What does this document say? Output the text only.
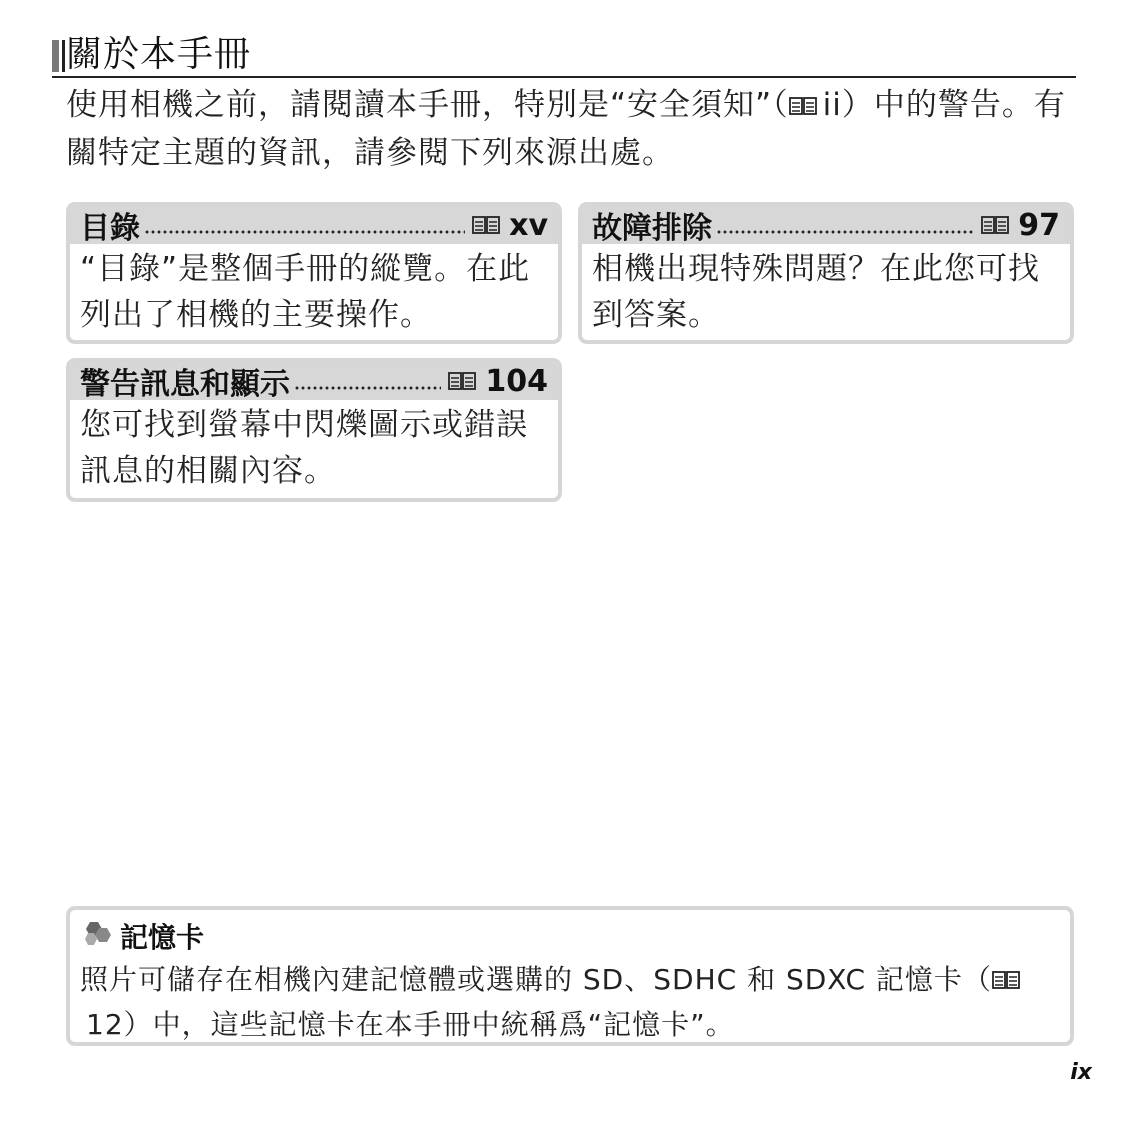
關於本手冊
使用相機之前，請閱讀本手冊，特別是“安全須知”（ ii）中的警告。有關特定主題的資訊，請參閱下列來源出處。
目錄	xv
“目錄”是整個手冊的縱覽。在此列出了相機的主要操作。
故障排除	97
相機出現特殊問題？在此您可找到答案。
警告訊息和顯示	104
您可找到螢幕中閃爍圖示或錯誤訊息的相關內容。
記憶卡
照片可儲存在相機內建記憶體或選購的 SD、SDHC 和 SDXC 記憶卡（12）中，這些記憶卡在本手冊中統稱爲“記憶卡”。
ix
